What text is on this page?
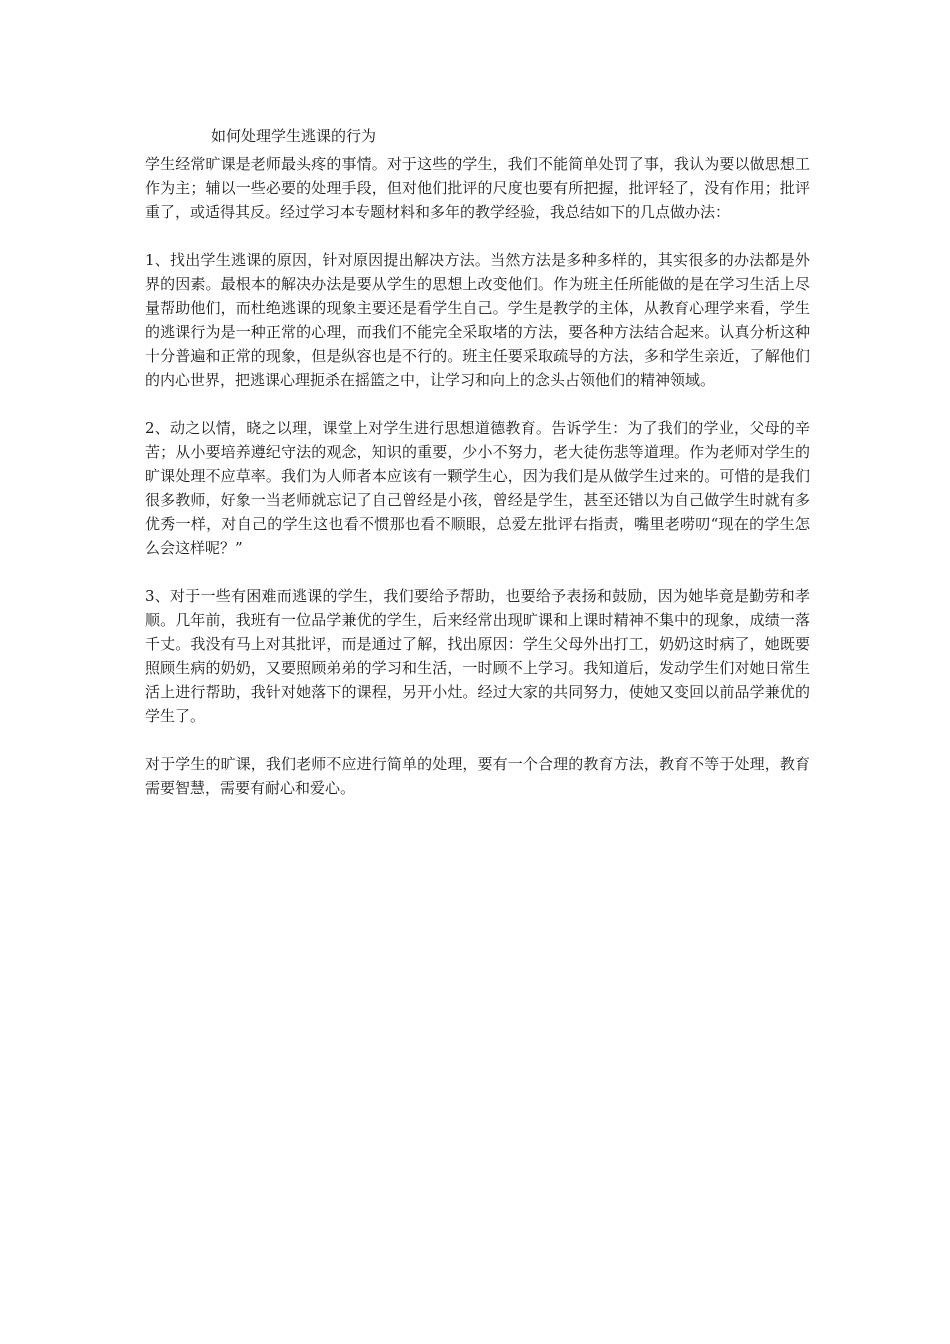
如何处理学生逃课的行为

学生经常旷课是老师最头疼的事情。对于这些的学生，我们不能简单处罚了事，我认为要以做思想工作为主；辅以一些必要的处理手段，但对他们批评的尺度也要有所把握，批评轻了，没有作用；批评重了，或适得其反。经过学习本专题材料和多年的教学经验，我总结如下的几点做办法：

1、找出学生逃课的原因，针对原因提出解决方法。当然方法是多种多样的，其实很多的办法都是外界的因素。最根本的解决办法是要从学生的思想上改变他们。作为班主任所能做的是在学习生活上尽量帮助他们，而杜绝逃课的现象主要还是看学生自己。学生是教学的主体，从教育心理学来看，学生的逃课行为是一种正常的心理，而我们不能完全采取堵的方法，要各种方法结合起来。认真分析这种十分普遍和正常的现象，但是纵容也是不行的。班主任要采取疏导的方法，多和学生亲近，了解他们的内心世界，把逃课心理扼杀在摇篮之中，让学习和向上的念头占领他们的精神领域。

2、动之以情，晓之以理，课堂上对学生进行思想道德教育。告诉学生：为了我们的学业，父母的辛苦；从小要培养遵纪守法的观念，知识的重要，少小不努力，老大徒伤悲等道理。作为老师对学生的旷课处理不应草率。我们为人师者本应该有一颗学生心，因为我们是从做学生过来的。可惜的是我们很多教师，好象一当老师就忘记了自己曾经是小孩，曾经是学生，甚至还错以为自己做学生时就有多优秀一样，对自己的学生这也看不惯那也看不顺眼，总爱左批评右指责，嘴里老唠叨“现在的学生怎么会这样呢？”

3、对于一些有困难而逃课的学生，我们要给予帮助，也要给予表扬和鼓励，因为她毕竟是勤劳和孝顺。几年前，我班有一位品学兼优的学生，后来经常出现旷课和上课时精神不集中的现象，成绩一落千丈。我没有马上对其批评，而是通过了解，找出原因：学生父母外出打工，奶奶这时病了，她既要照顾生病的奶奶，又要照顾弟弟的学习和生活，一时顾不上学习。我知道后，发动学生们对她日常生活上进行帮助，我针对她落下的课程，另开小灶。经过大家的共同努力，使她又变回以前品学兼优的学生了。

对于学生的旷课，我们老师不应进行简单的处理，要有一个合理的教育方法，教育不等于处理，教育需要智慧，需要有耐心和爱心。
